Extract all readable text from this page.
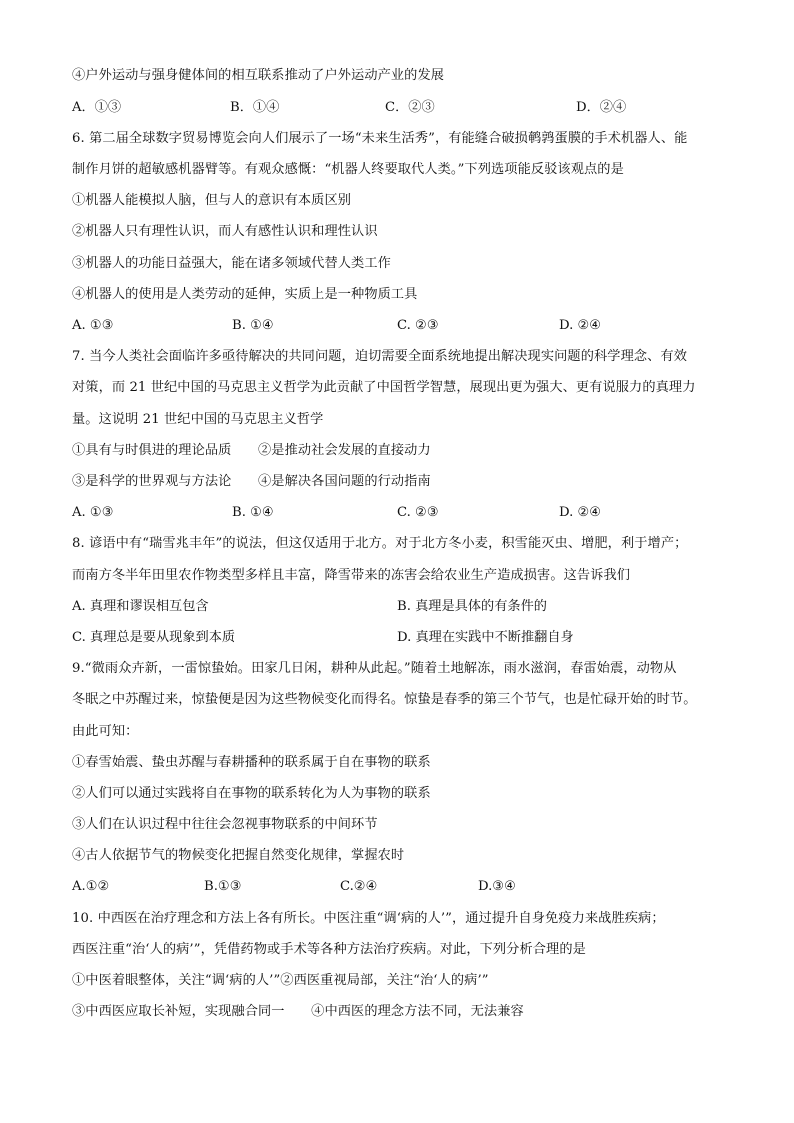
④户外运动与强身健体间的相互联系推动了户外运动产业的发展
A．①③	B．①④	C．②③	D．②④
6. 第二届全球数字贸易博览会向人们展示了一场“未来生活秀”，有能缝合破损鹌鹑蛋膜的手术机器人、能
制作月饼的超敏感机器臂等。有观众感慨：“机器人终要取代人类。”下列选项能反驳该观点的是
①机器人能模拟人脑，但与人的意识有本质区别
②机器人只有理性认识，而人有感性认识和理性认识
③机器人的功能日益强大，能在诸多领域代替人类工作
④机器人的使用是人类劳动的延伸，实质上是一种物质工具
A. ①③	B. ①④	C. ②③	D. ②④
7. 当今人类社会面临许多亟待解决的共同问题，迫切需要全面系统地提出解决现实问题的科学理念、有效
对策，而 21 世纪中国的马克思主义哲学为此贡献了中国哲学智慧，展现出更为强大、更有说服力的真理力
量。这说明 21 世纪中国的马克思主义哲学
①具有与时俱进的理论品质　　②是推动社会发展的直接动力
③是科学的世界观与方法论　　④是解决各国问题的行动指南
A. ①③	B. ①④	C. ②③	D. ②④
8. 谚语中有“瑞雪兆丰年”的说法，但这仅适用于北方。对于北方冬小麦，积雪能灭虫、增肥，利于增产；
而南方冬半年田里农作物类型多样且丰富，降雪带来的冻害会给农业生产造成损害。这告诉我们
A. 真理和谬误相互包含	B. 真理是具体的有条件的
C. 真理总是要从现象到本质	D. 真理在实践中不断推翻自身
9.“微雨众卉新，一雷惊蛰始。田家几日闲，耕种从此起。”随着土地解冻，雨水滋润，春雷始震，动物从
冬眠之中苏醒过来，惊蛰便是因为这些物候变化而得名。惊蛰是春季的第三个节气，也是忙碌开始的时节。
由此可知：
①春雪始震、蛰虫苏醒与春耕播种的联系属于自在事物的联系
②人们可以通过实践将自在事物的联系转化为人为事物的联系
③人们在认识过程中往往会忽视事物联系的中间环节
④古人依据节气的物候变化把握自然变化规律，掌握农时
A.①②	B.①③	C.②④	D.③④
10. 中西医在治疗理念和方法上各有所长。中医注重“调‘病的人’”，通过提升自身免疫力来战胜疾病；
西医注重“治‘人的病’”，凭借药物或手术等各种方法治疗疾病。对此，下列分析合理的是
①中医着眼整体，关注“调‘病的人’”②西医重视局部，关注“治‘人的病’”
③中西医应取长补短，实现融合同一　　④中西医的理念方法不同，无法兼容
